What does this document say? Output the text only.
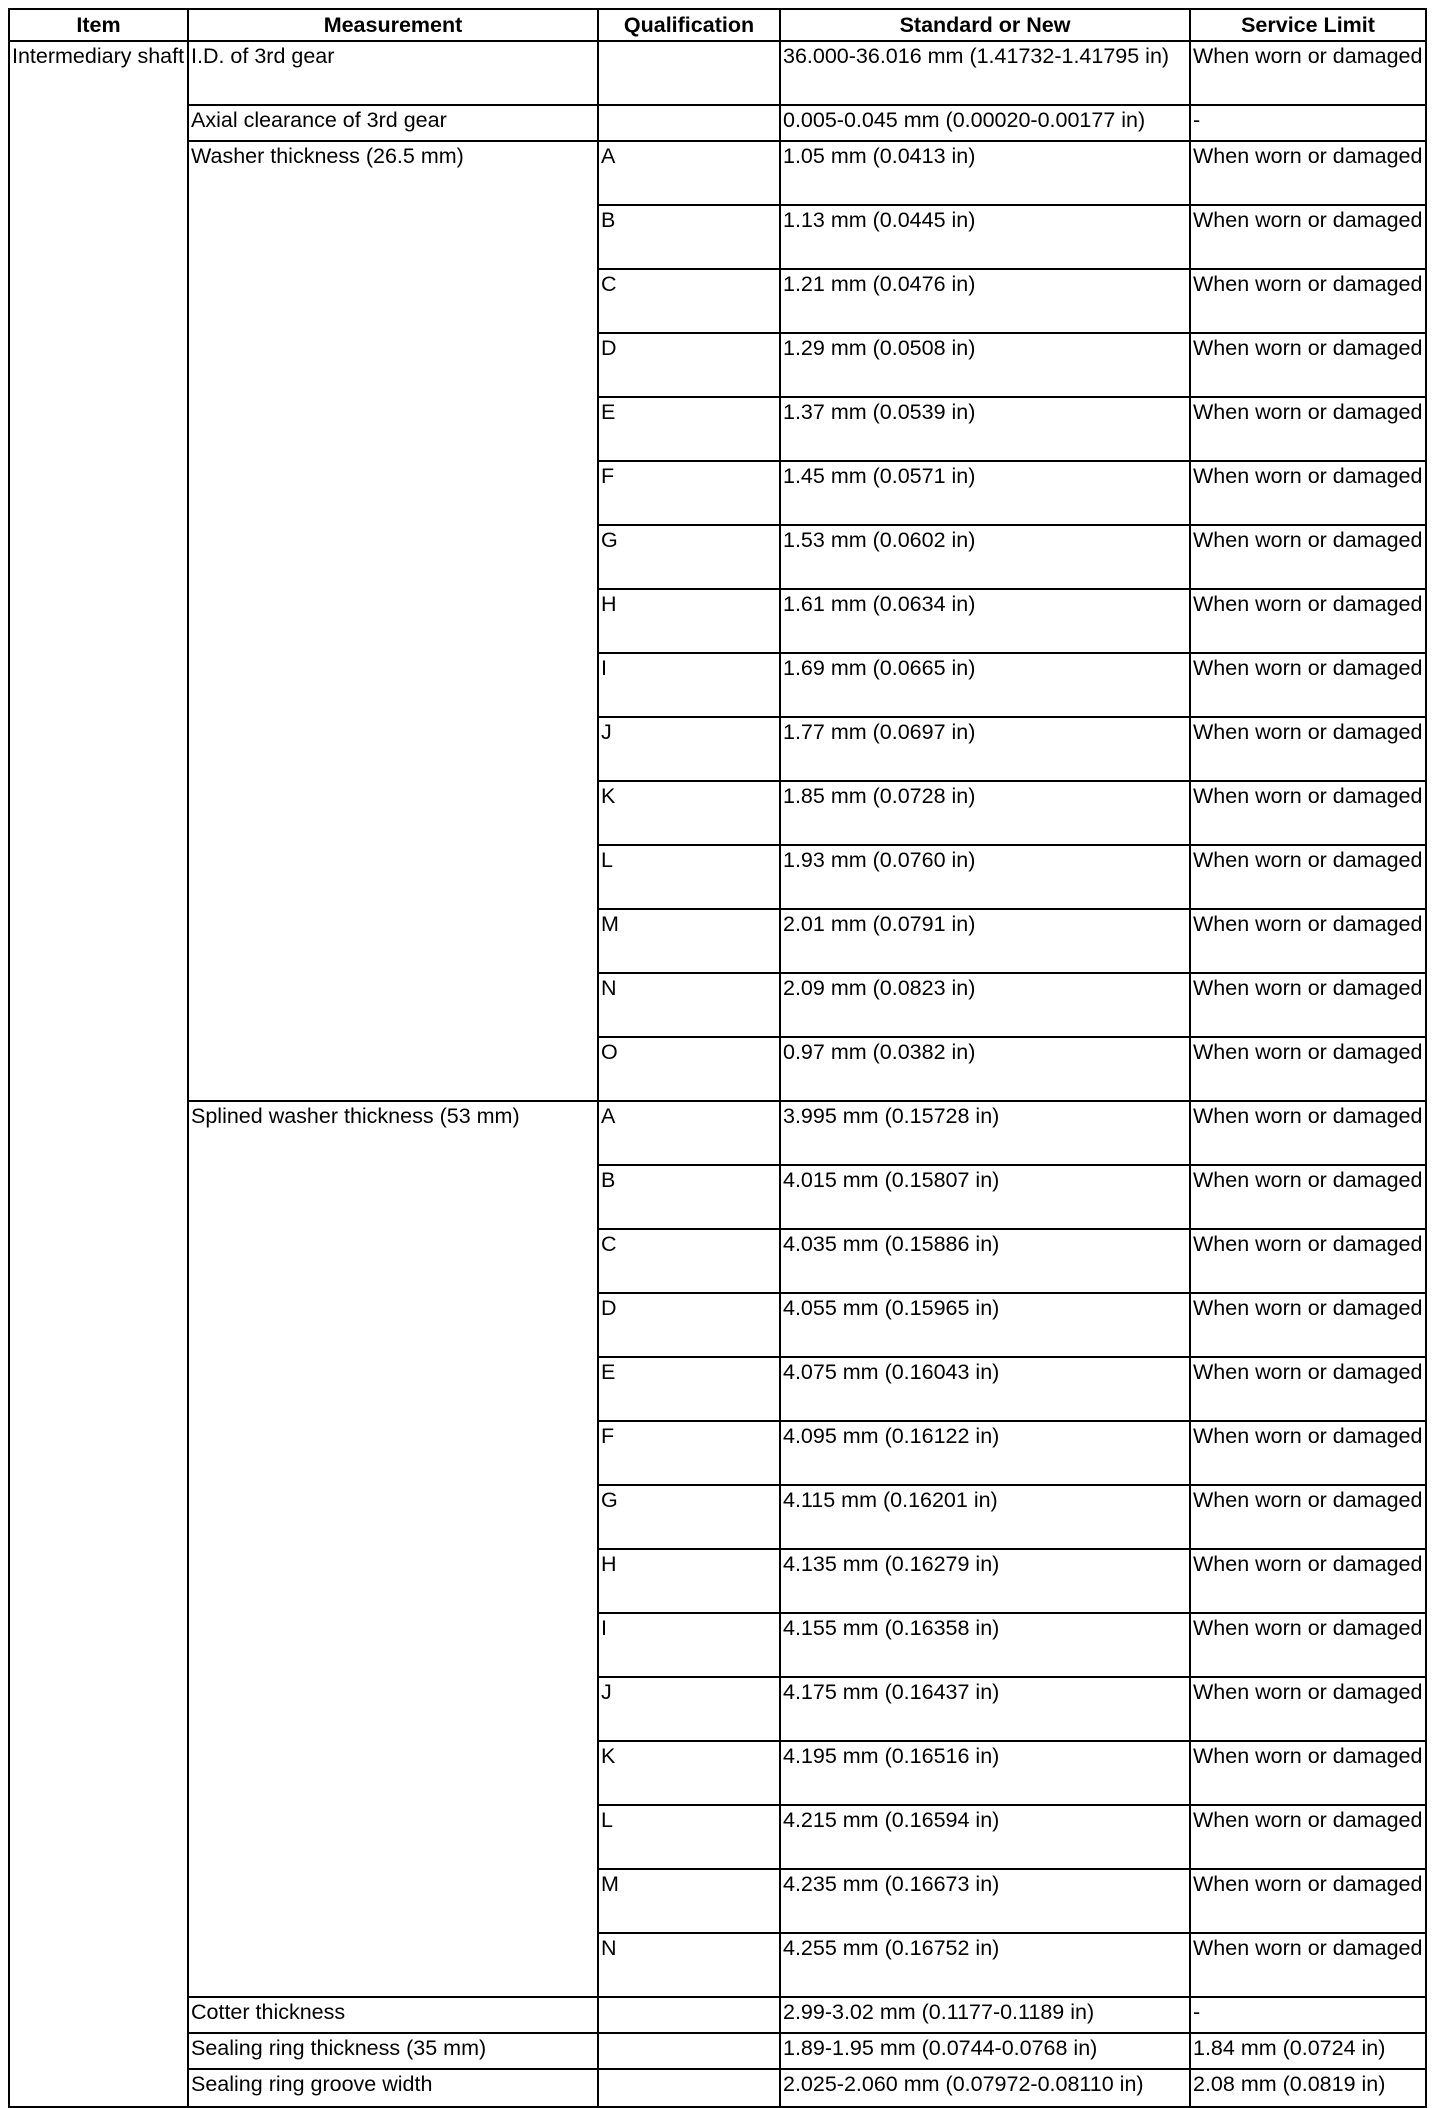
Item	Measurement	Qualification	Standard or New	Service Limit
Intermediary shaft	I.D. of 3rd gear		36.000-36.016 mm (1.41732-1.41795 in)	When worn or damaged
	Axial clearance of 3rd gear		0.005-0.045 mm (0.00020-0.00177 in)	-
	Washer thickness (26.5 mm)	A	1.05 mm (0.0413 in)	When worn or damaged
		B	1.13 mm (0.0445 in)	When worn or damaged
		C	1.21 mm (0.0476 in)	When worn or damaged
		D	1.29 mm (0.0508 in)	When worn or damaged
		E	1.37 mm (0.0539 in)	When worn or damaged
		F	1.45 mm (0.0571 in)	When worn or damaged
		G	1.53 mm (0.0602 in)	When worn or damaged
		H	1.61 mm (0.0634 in)	When worn or damaged
		I	1.69 mm (0.0665 in)	When worn or damaged
		J	1.77 mm (0.0697 in)	When worn or damaged
		K	1.85 mm (0.0728 in)	When worn or damaged
		L	1.93 mm (0.0760 in)	When worn or damaged
		M	2.01 mm (0.0791 in)	When worn or damaged
		N	2.09 mm (0.0823 in)	When worn or damaged
		O	0.97 mm (0.0382 in)	When worn or damaged
	Splined washer thickness (53 mm)	A	3.995 mm (0.15728 in)	When worn or damaged
		B	4.015 mm (0.15807 in)	When worn or damaged
		C	4.035 mm (0.15886 in)	When worn or damaged
		D	4.055 mm (0.15965 in)	When worn or damaged
		E	4.075 mm (0.16043 in)	When worn or damaged
		F	4.095 mm (0.16122 in)	When worn or damaged
		G	4.115 mm (0.16201 in)	When worn or damaged
		H	4.135 mm (0.16279 in)	When worn or damaged
		I	4.155 mm (0.16358 in)	When worn or damaged
		J	4.175 mm (0.16437 in)	When worn or damaged
		K	4.195 mm (0.16516 in)	When worn or damaged
		L	4.215 mm (0.16594 in)	When worn or damaged
		M	4.235 mm (0.16673 in)	When worn or damaged
		N	4.255 mm (0.16752 in)	When worn or damaged
	Cotter thickness		2.99-3.02 mm (0.1177-0.1189 in)	-
	Sealing ring thickness (35 mm)		1.89-1.95 mm (0.0744-0.0768 in)	1.84 mm (0.0724 in)
	Sealing ring groove width		2.025-2.060 mm (0.07972-0.08110 in)	2.08 mm (0.0819 in)
